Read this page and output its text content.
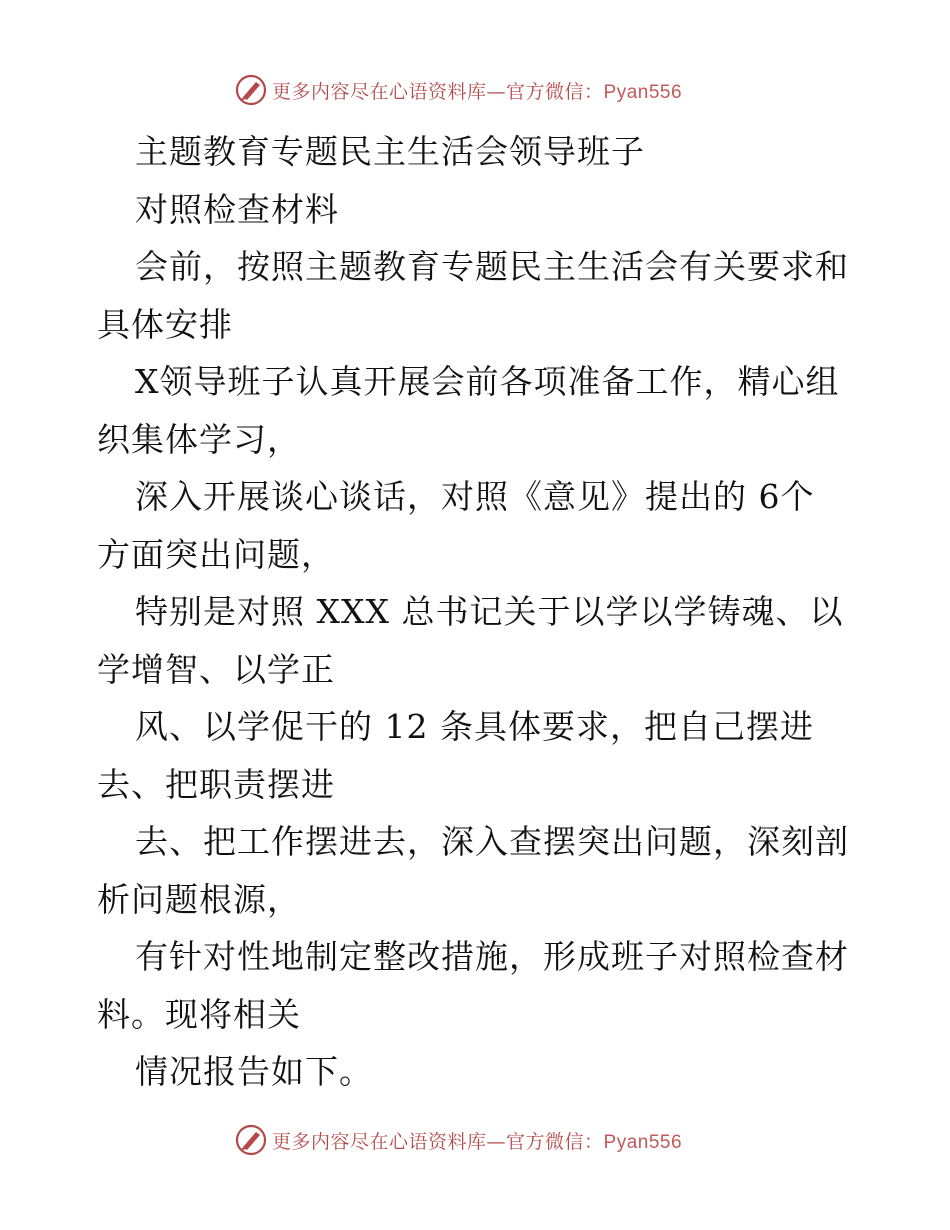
更多内容尽在心语资料库—官方微信：Pyan556
主题教育专题民主生活会领导班子
对照检查材料
会前，按照主题教育专题民主生活会有关要求和
具体安排
X领导班子认真开展会前各项准备工作，精心组
织集体学习，
深入开展谈心谈话，对照《意见》提出的 6个
方面突出问题，
特别是对照 XXX 总书记关于以学以学铸魂、以
学增智、以学正
风、以学促干的 12 条具体要求，把自己摆进
去、把职责摆进
去、把工作摆进去，深入查摆突出问题，深刻剖
析问题根源，
有针对性地制定整改措施，形成班子对照检查材
料。现将相关
情况报告如下。
更多内容尽在心语资料库—官方微信：Pyan556
